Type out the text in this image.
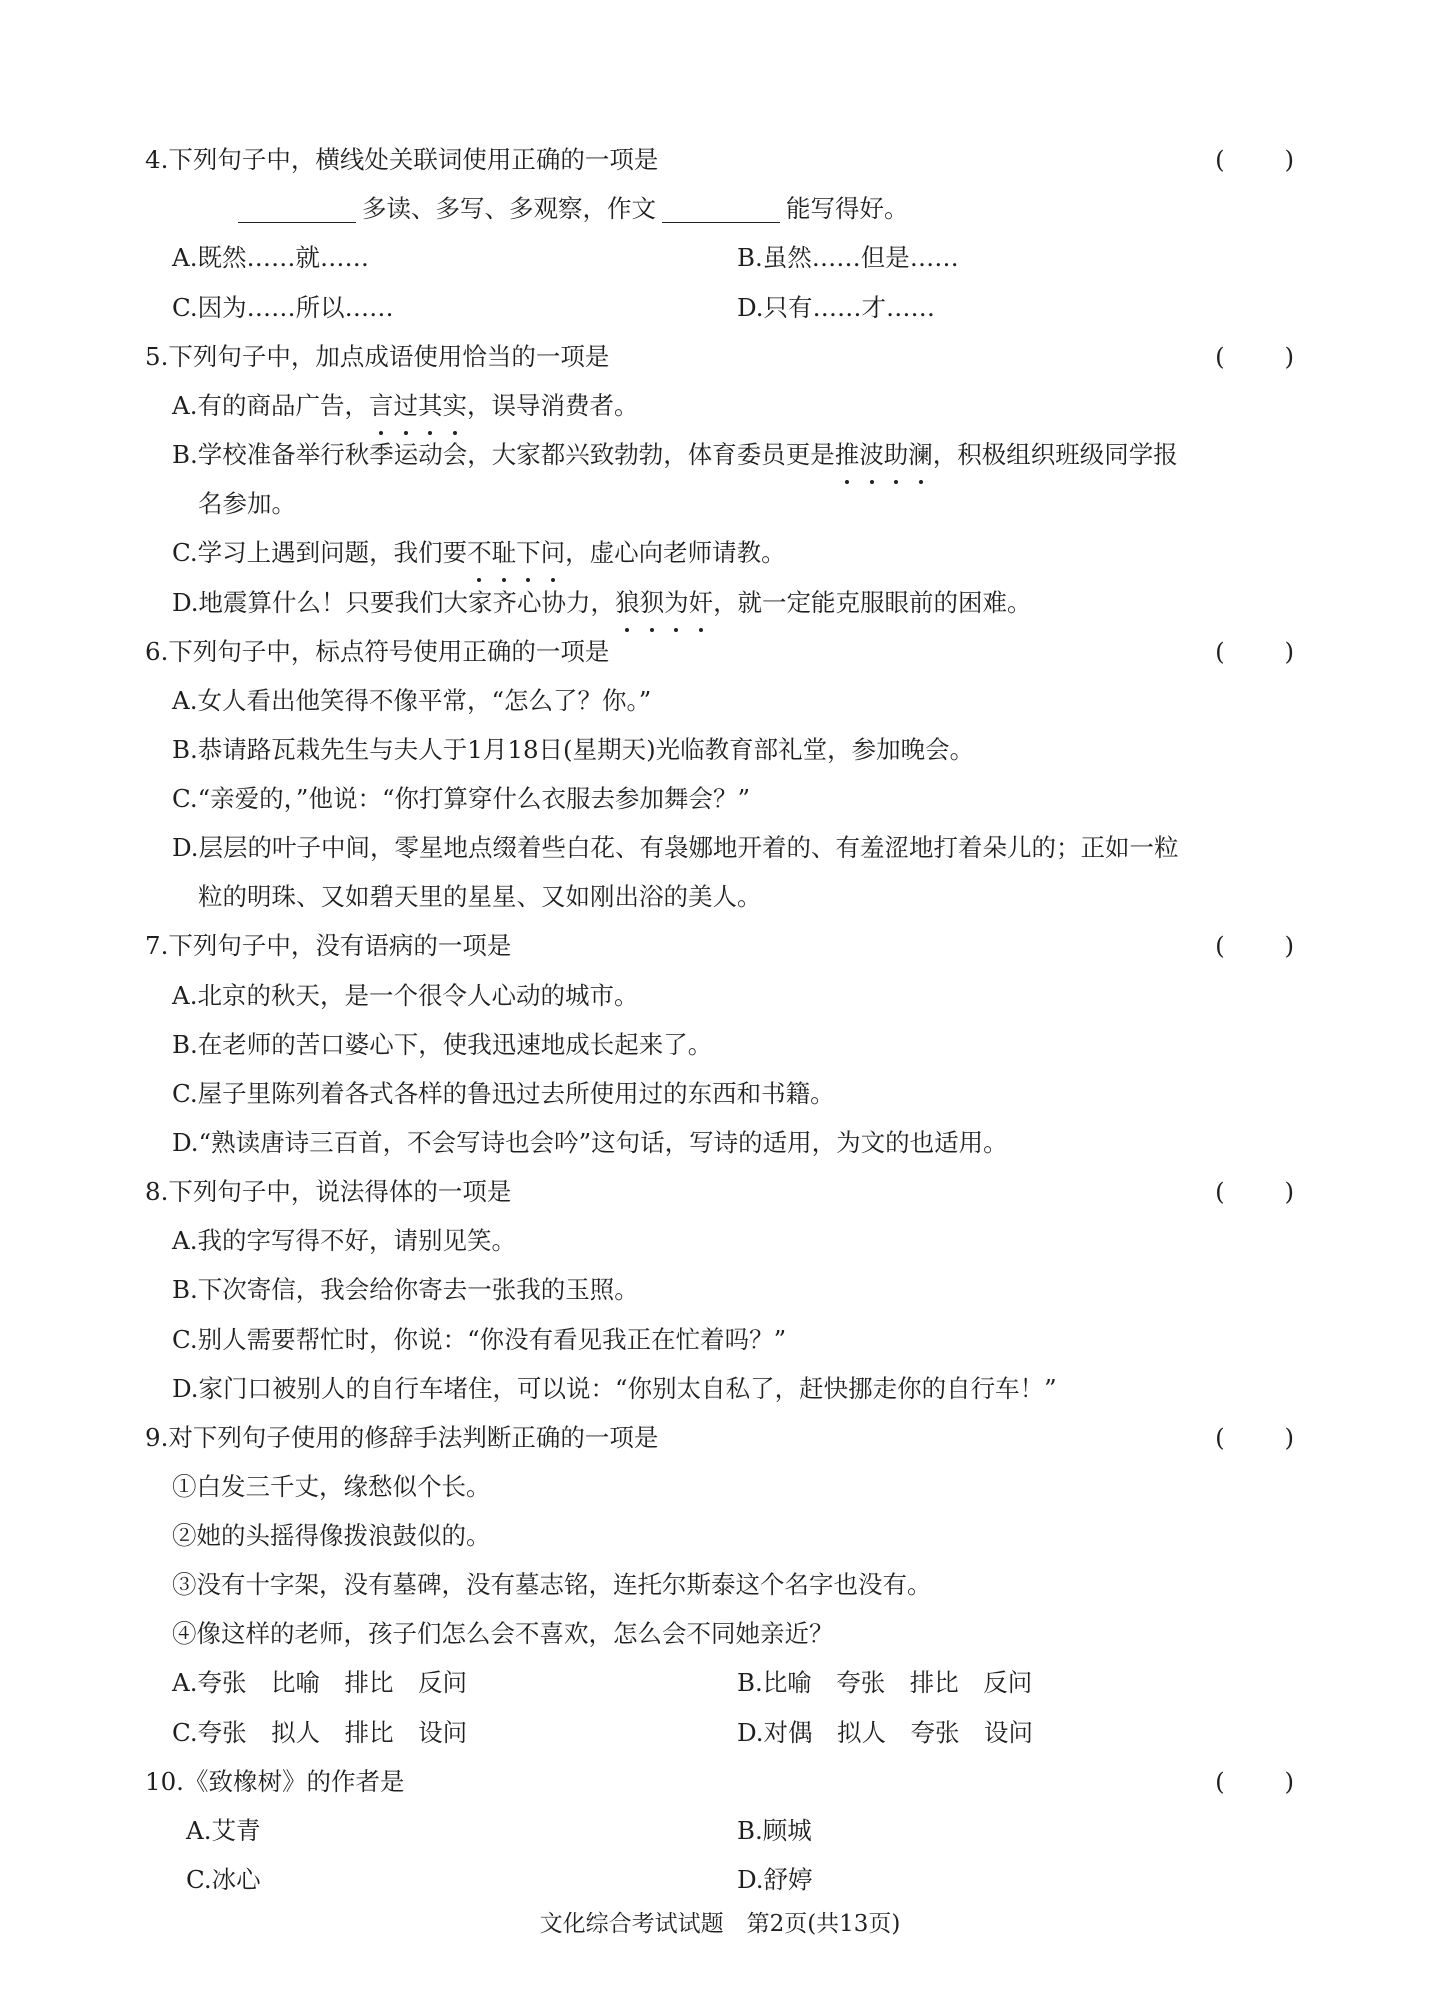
4.下列句子中，横线处关联词使用正确的一项是	( )
多读、多写、多观察，作文	能写得好。
A.既然……就……	B.虽然……但是……
C.因为……所以……	D.只有……才……
5.下列句子中，加点成语使用恰当的一项是	( )
A.有的商品广告，言过其实，误导消费者。
B.学校准备举行秋季运动会，大家都兴致勃勃，体育委员更是推波助澜，积极组织班级同学报
名参加。
C.学习上遇到问题，我们要不耻下问，虚心向老师请教。
D.地震算什么！只要我们大家齐心协力，狼狈为奸，就一定能克服眼前的困难。
6.下列句子中，标点符号使用正确的一项是	( )
A.女人看出他笑得不像平常，“怎么了？你。”
B.恭请路瓦栽先生与夫人于1月18日(星期天)光临教育部礼堂，参加晚会。
C.“亲爱的，”他说：“你打算穿什么衣服去参加舞会？”
D.层层的叶子中间，零星地点缀着些白花、有袅娜地开着的、有羞涩地打着朵儿的；正如一粒
粒的明珠、又如碧天里的星星、又如刚出浴的美人。
7.下列句子中，没有语病的一项是	( )
A.北京的秋天，是一个很令人心动的城市。
B.在老师的苦口婆心下，使我迅速地成长起来了。
C.屋子里陈列着各式各样的鲁迅过去所使用过的东西和书籍。
D.“熟读唐诗三百首，不会写诗也会吟”这句话，写诗的适用，为文的也适用。
8.下列句子中，说法得体的一项是	( )
A.我的字写得不好，请别见笑。
B.下次寄信，我会给你寄去一张我的玉照。
C.别人需要帮忙时，你说：“你没有看见我正在忙着吗？”
D.家门口被别人的自行车堵住，可以说：“你别太自私了，赶快挪走你的自行车！”
9.对下列句子使用的修辞手法判断正确的一项是	( )
①白发三千丈，缘愁似个长。
②她的头摇得像拨浪鼓似的。
③没有十字架，没有墓碑，没有墓志铭，连托尔斯泰这个名字也没有。
④像这样的老师，孩子们怎么会不喜欢，怎么会不同她亲近？
A.夸张　比喻　排比　反问	B.比喻　夸张　排比　反问
C.夸张　拟人　排比　设问	D.对偶　拟人　夸张　设问
10.《致橡树》的作者是	( )
A.艾青	B.顾城
C.冰心	D.舒婷
文化综合考试试题　第2页(共13页)
